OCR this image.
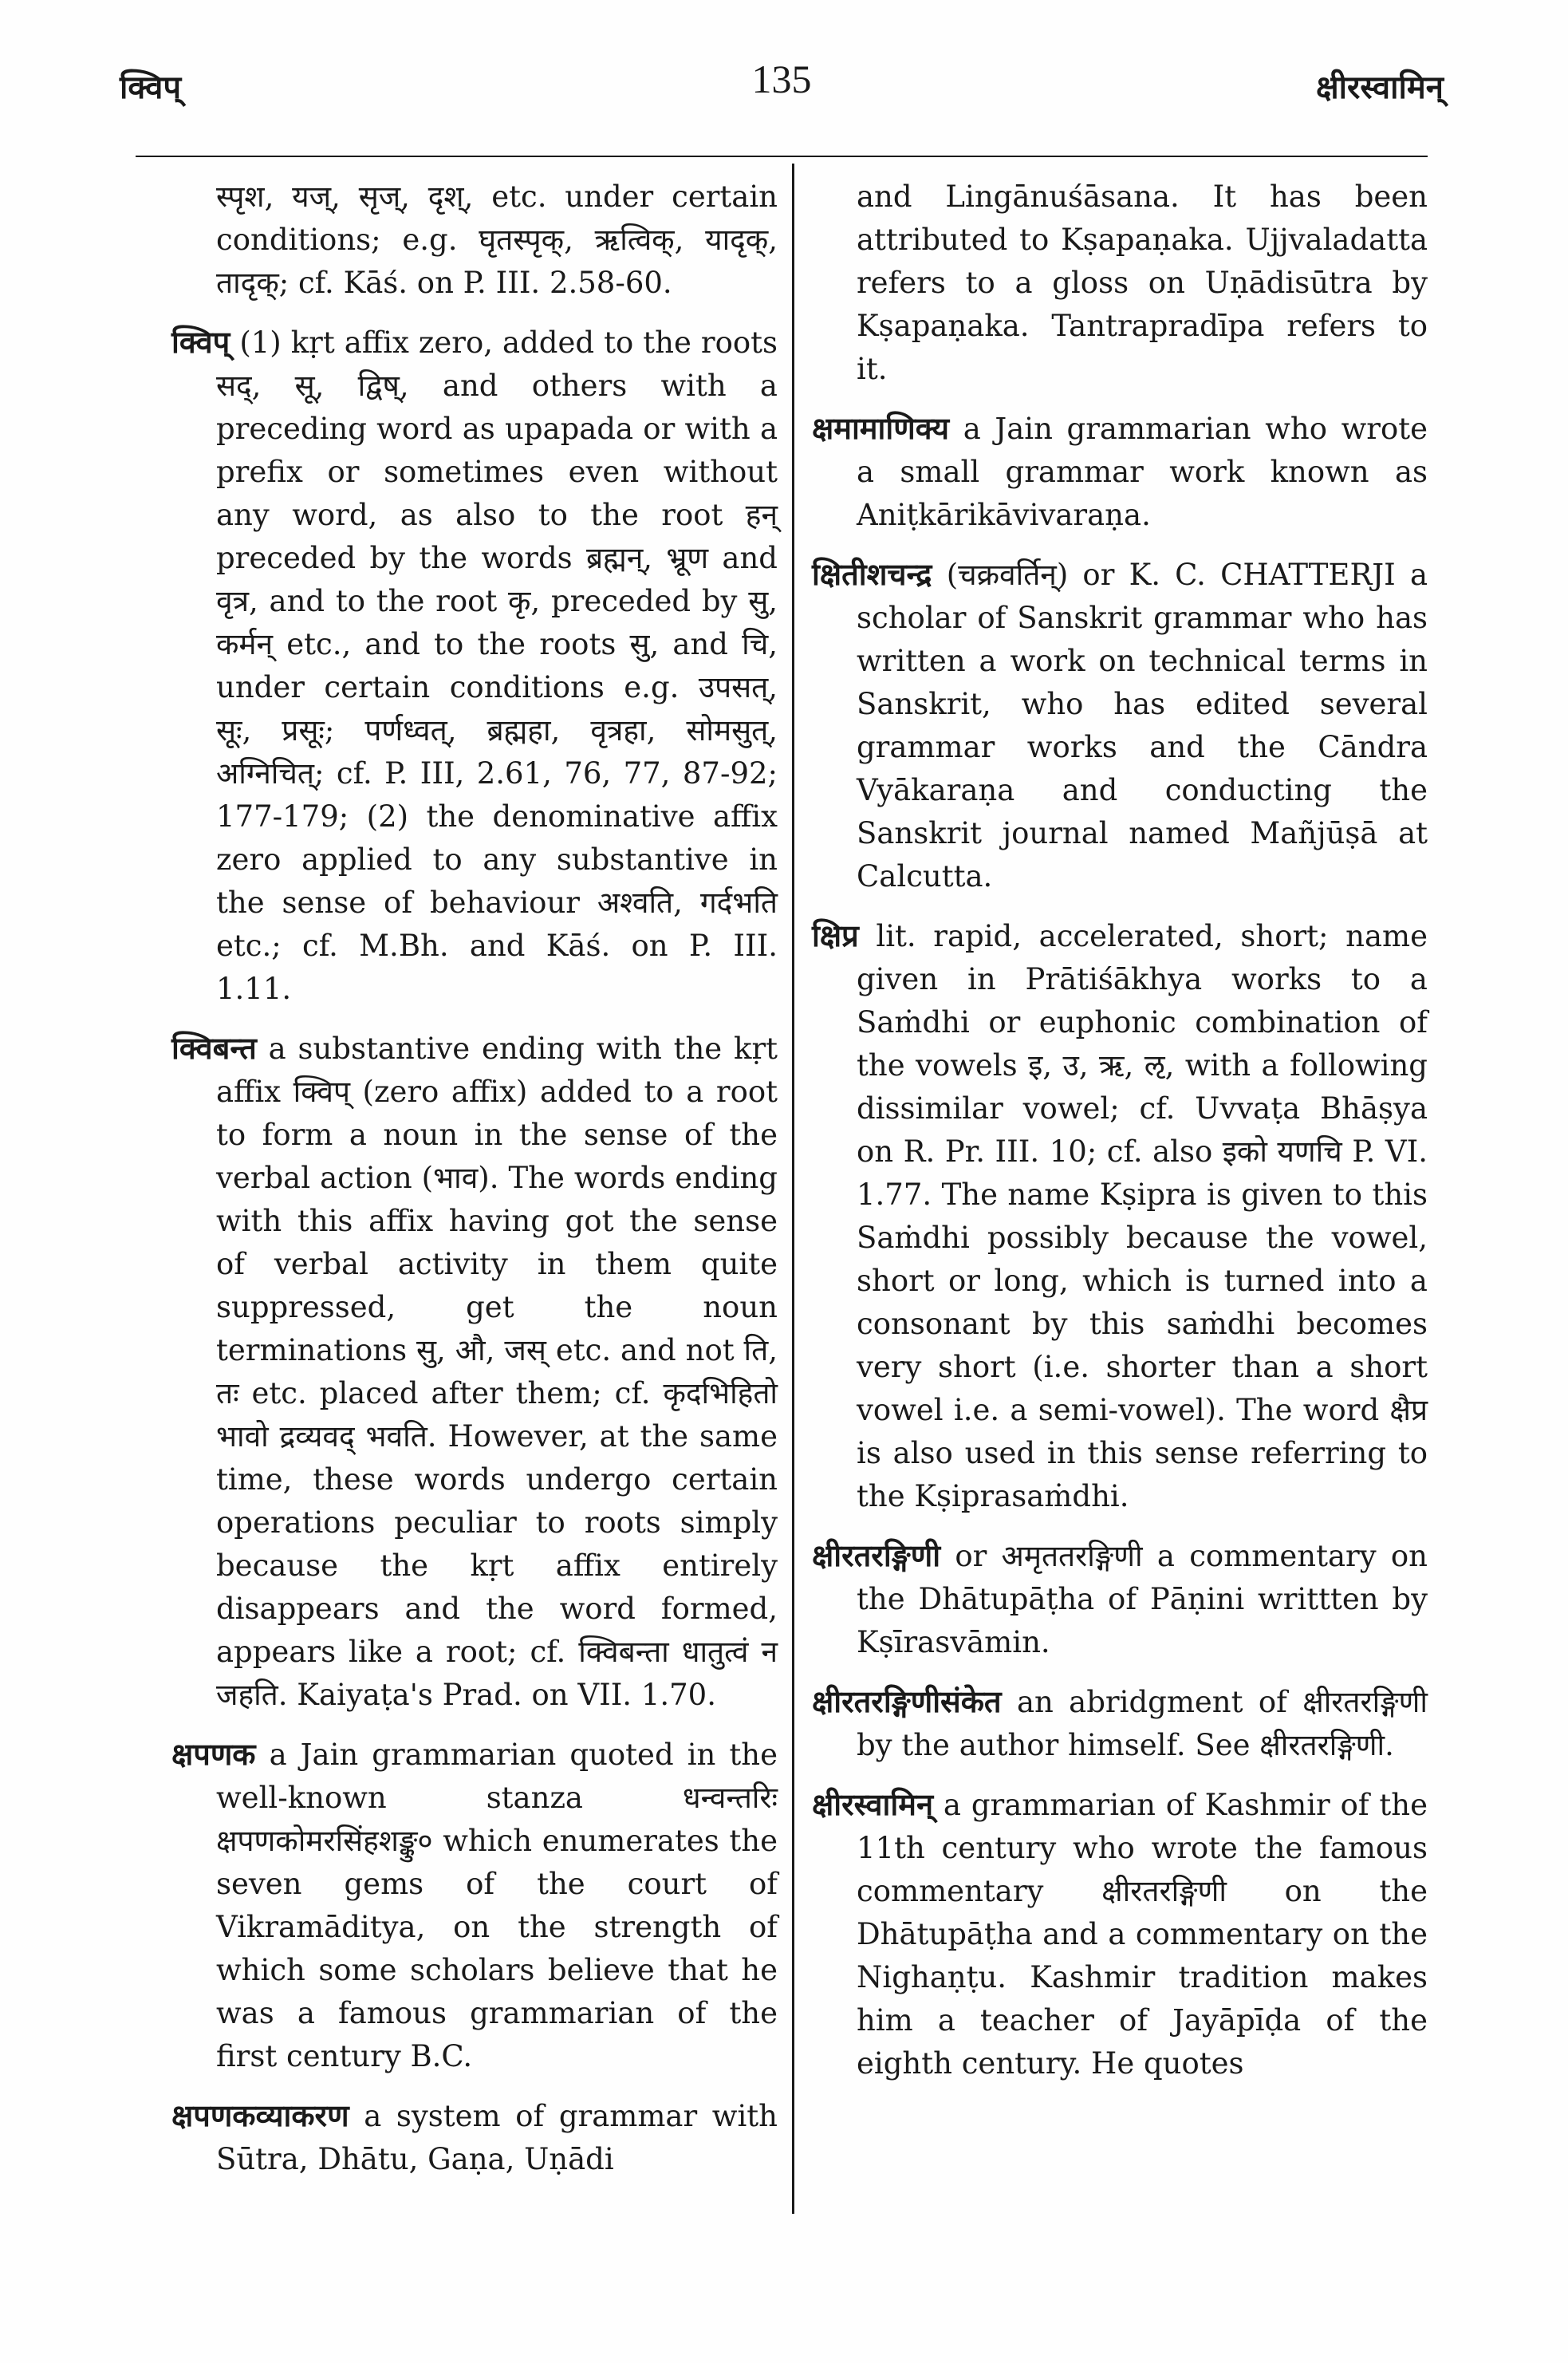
क्विप्	135	क्षीरस्वामिन्

स्पृश, यज्, सृज्, दृश्, etc. under certain conditions; e.g. घृतस्पृक्, ऋत्विक्, यादृक्, तादृक्; cf. Kāś. on P. III. 2.58-60.

क्विप् (1) kṛt affix zero, added to the roots सद्, सू, द्विष्, and others with a preceding word as upapada or with a prefix or sometimes even without any word, as also to the root हन् preceded by the words ब्रह्मन्, भ्रूण and वृत्र, and to the root कृ, preceded by सु, कर्मन् etc., and to the roots सु, and चि, under certain conditions e.g. उपसत्, सूः, प्रसूः; पर्णध्वत्, ब्रह्महा, वृत्रहा, सोमसुत्, अग्निचित्; cf. P. III, 2.61, 76, 77, 87-92; 177-179; (2) the denominative affix zero applied to any substantive in the sense of behaviour अश्वति, गर्दभति etc.; cf. M.Bh. and Kāś. on P. III. 1.11.

क्विबन्त a substantive ending with the kṛt affix क्विप् (zero affix) added to a root to form a noun in the sense of the verbal action (भाव). The words ending with this affix having got the sense of verbal activity in them quite suppressed, get the noun terminations सु, औ, जस् etc. and not ति, तः etc. placed after them; cf. कृदभिहितो भावो द्रव्यवद् भवति. However, at the same time, these words undergo certain operations peculiar to roots simply because the kṛt affix entirely disappears and the word formed, appears like a root; cf. क्विबन्ता धातुत्वं न जहति. Kaiyaṭa's Prad. on VII. 1.70.

क्षपणक a Jain grammarian quoted in the well-known stanza धन्वन्तरिः क्षपणकोमरसिंहशङ्कु० which enumerates the seven gems of the court of Vikramāditya, on the strength of which some scholars believe that he was a famous grammarian of the first century B.C.

क्षपणकव्याकरण a system of grammar with Sūtra, Dhātu, Gaṇa, Uṇādi

and Lingānuśāsana. It has been attributed to Kṣapaṇaka. Ujjvaladatta refers to a gloss on Uṇādisūtra by Kṣapaṇaka. Tantrapradīpa refers to it.

क्षमामाणिक्य a Jain grammarian who wrote a small grammar work known as Aniṭkārikāvivaraṇa.

क्षितीशचन्द्र (चक्रवर्तिन्) or K. C. CHATTERJI a scholar of Sanskrit grammar who has written a work on technical terms in Sanskrit, who has edited several grammar works and the Cāndra Vyākaraṇa and conducting the Sanskrit journal named Mañjūṣā at Calcutta.

क्षिप्र lit. rapid, accelerated, short; name given in Prātiśākhya works to a Saṁdhi or euphonic combination of the vowels इ, उ, ऋ, ऌ, with a following dissimilar vowel; cf. Uvvaṭa Bhāṣya on R. Pr. III. 10; cf. also इको यणचि P. VI. 1.77. The name Kṣipra is given to this Saṁdhi possibly because the vowel, short or long, which is turned into a consonant by this saṁdhi becomes very short (i.e. shorter than a short vowel i.e. a semi-vowel). The word क्षैप्र is also used in this sense referring to the Kṣiprasaṁdhi.

क्षीरतरङ्गिणी or अमृततरङ्गिणी a commentary on the Dhātupāṭha of Pāṇini writtten by Kṣīrasvāmin.

क्षीरतरङ्गिणीसंकेत an abridgment of क्षीरतरङ्गिणी by the author himself. See क्षीरतरङ्गिणी.

क्षीरस्वामिन् a grammarian of Kashmir of the 11th century who wrote the famous commentary क्षीरतरङ्गिणी on the Dhātupāṭha and a commentary on the Nighaṇṭu. Kashmir tradition makes him a teacher of Jayāpīḍa of the eighth century. He quotes
